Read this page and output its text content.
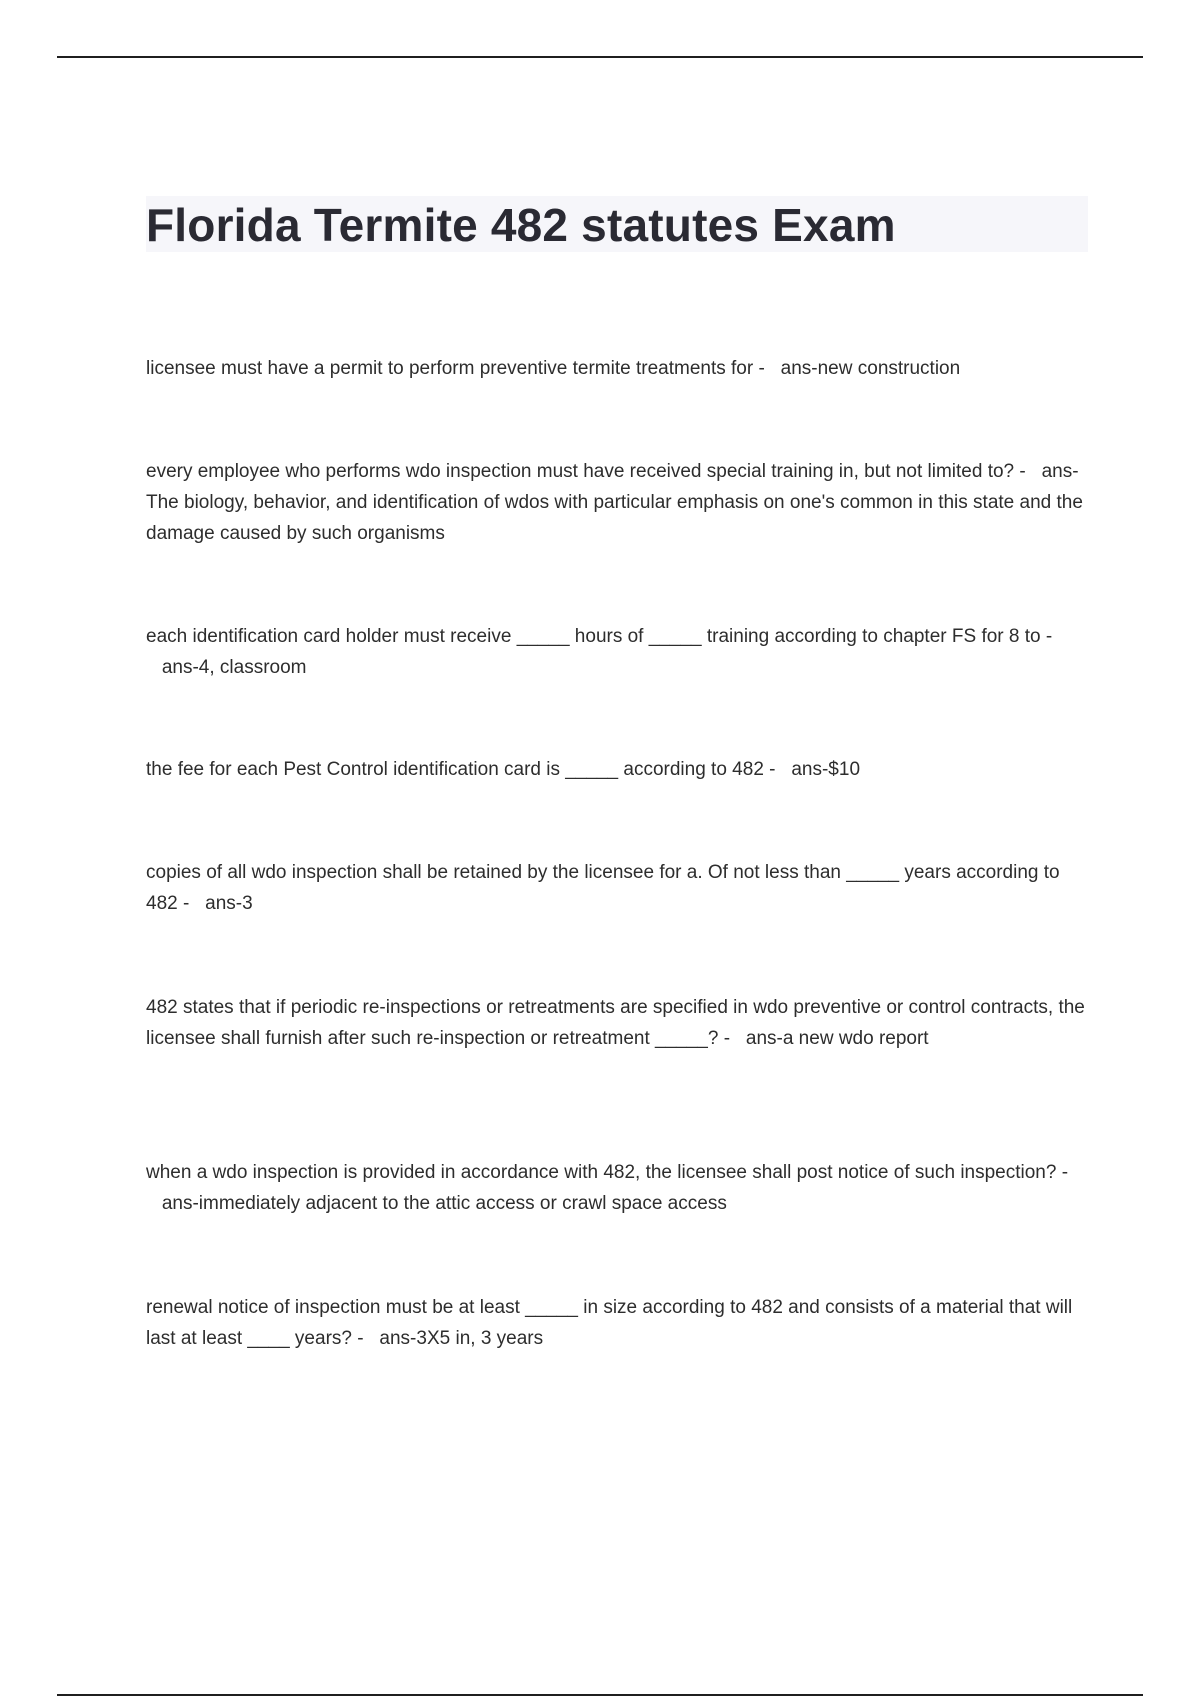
Florida Termite 482 statutes Exam

licensee must have a permit to perform preventive termite treatments for - ans-new construction

every employee who performs wdo inspection must have received special training in, but not limited to? - ans-The biology, behavior, and identification of wdos with particular emphasis on one's common in this state and the damage caused by such organisms

each identification card holder must receive _____ hours of _____ training according to chapter FS for 8 to -   ans-4, classroom

the fee for each Pest Control identification card is _____ according to 482 - ans-$10

copies of all wdo inspection shall be retained by the licensee for a. Of not less than _____ years according to 482 - ans-3

482 states that if periodic re-inspections or retreatments are specified in wdo preventive or control contracts, the licensee shall furnish after such re-inspection or retreatment _____? - ans-a new wdo report

when a wdo inspection is provided in accordance with 482, the licensee shall post notice of such inspection? -   ans-immediately adjacent to the attic access or crawl space access

renewal notice of inspection must be at least _____ in size according to 482 and consists of a material that will last at least ____ years? - ans-3X5 in, 3 years
